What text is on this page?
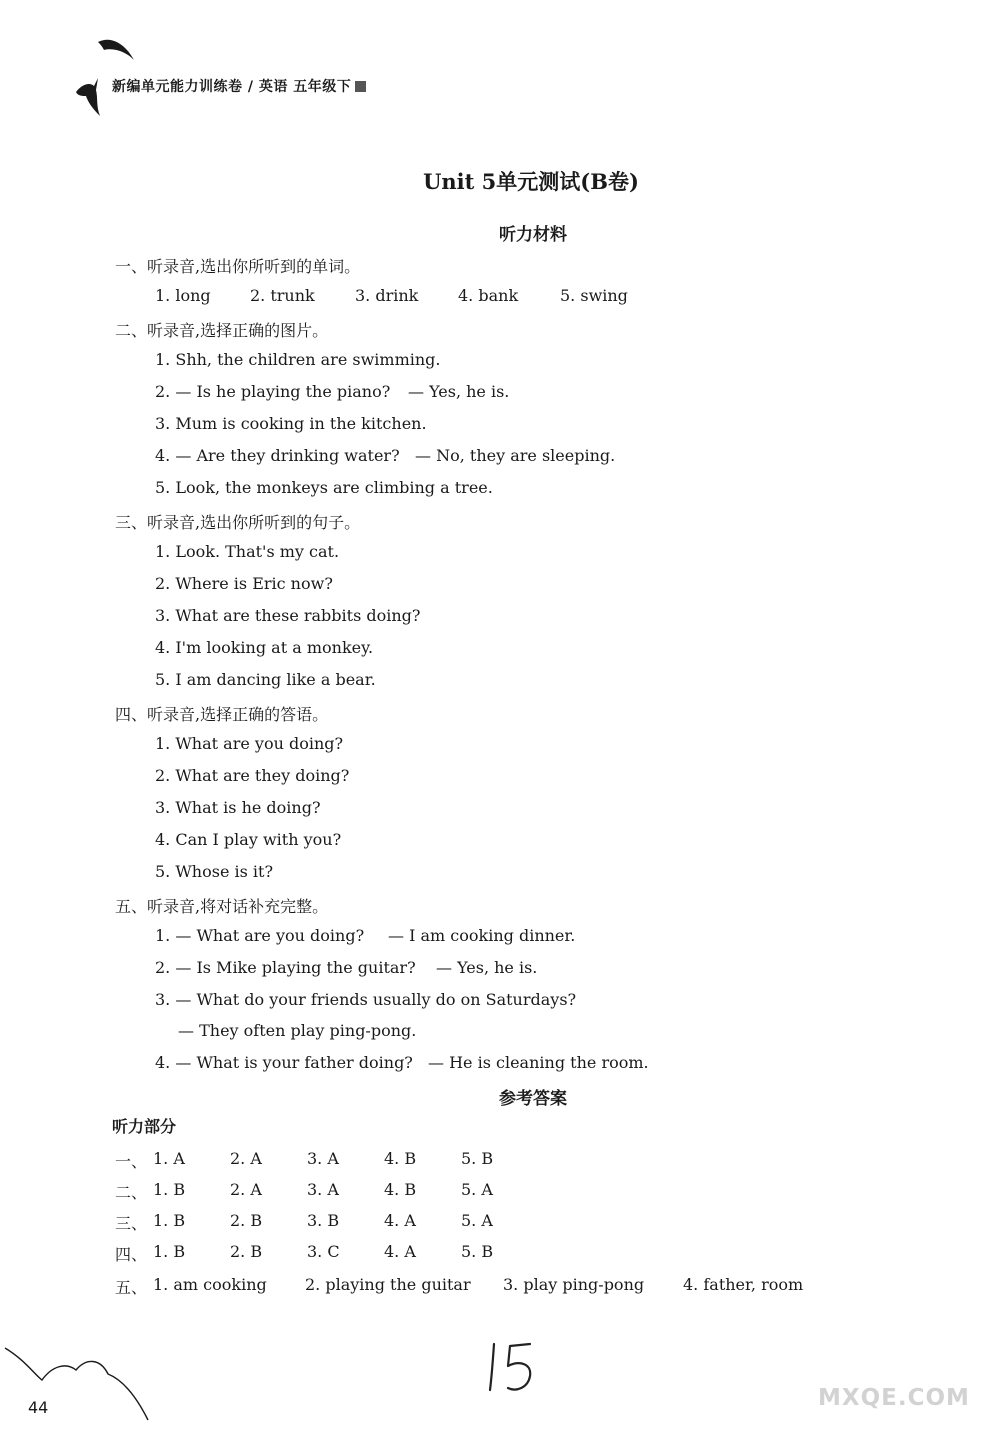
新编单元能力训练卷 / 英语 五年级下
Unit 5单元测试(B卷)
听力材料
一、听录音,选出你所听到的单词。
1. long 2. trunk	3. drink 4. bank	5. swing
二、听录音,选择正确的图片。
1. Shh, the children are swimming.
2. — Is he playing the piano? — Yes, he is.
3. Mum is cooking in the kitchen.
4. — Are they drinking water? — No, they are sleeping.
5. Look, the monkeys are climbing a tree.
三、听录音,选出你所听到的句子。
1. Look. That's my cat.
2. Where is Eric now?
3. What are these rabbits doing?
4. I'm looking at a monkey.
5. I am dancing like a bear.
四、听录音,选择正确的答语。
1. What are you doing?
2. What are they doing?
3. What is he doing?
4. Can I play with you?
5. Whose is it?
五、听录音,将对话补充完整。
1. — What are you doing? — I am cooking dinner.
2. — Is Mike playing the guitar? — Yes, he is.
3. — What do your friends usually do on Saturdays?
— They often play ping-pong.
4. — What is your father doing? — He is cleaning the room.
参考答案
听力部分
一、 1. A	2. A	3. A	4. B	5. B
二、 1. B	2. A	3. A	4. B	5. A
三、 1. B	2. B	3. B	4. A	5. A
四、 1. B	2. B	3. C	4. A	5. B
五、 1. am cooking 2. playing the guitar 3. play ping-pong 4. father, room
44	MXQE.COM
